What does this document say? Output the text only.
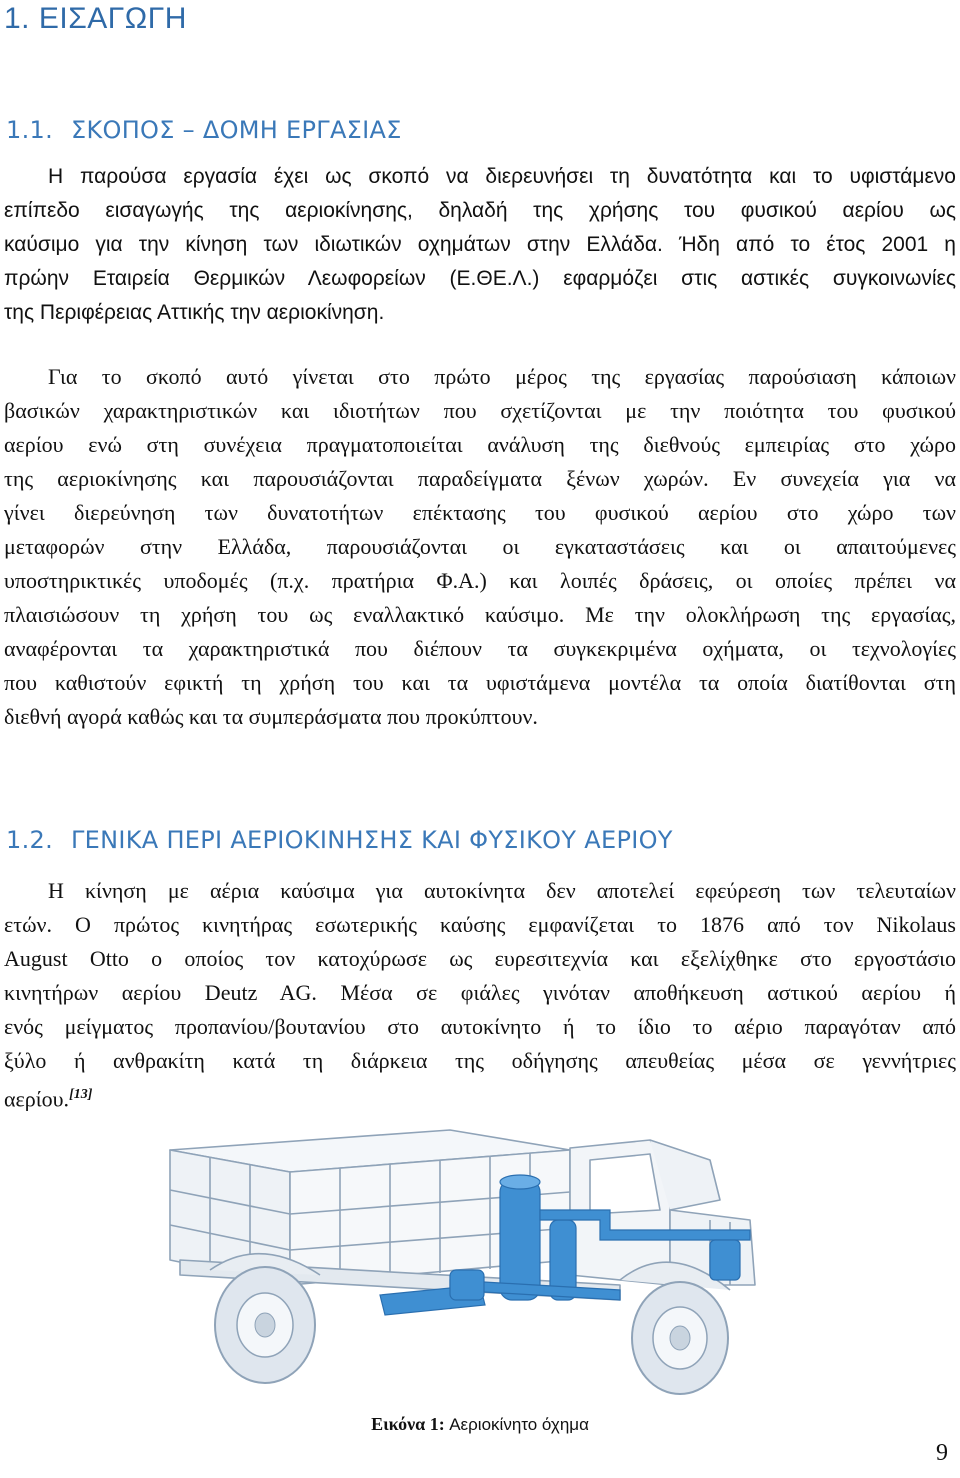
1. ΕΙΣΑΓΩΓΗ
1.1. ΣΚΟΠΟΣ – ΔΟΜΗ ΕΡΓΑΣΙΑΣ
Η παρούσα εργασία έχει ως σκοπό να διερευνήσει τη δυνατότητα και το υφιστάμενο
επίπεδο εισαγωγής της αεριοκίνησης, δηλαδή της χρήσης του φυσικού αερίου ως
καύσιμο για την κίνηση των ιδιωτικών οχημάτων στην Ελλάδα. Ήδη από το έτος 2001 η
πρώην Εταιρεία Θερμικών Λεωφορείων (Ε.ΘΕ.Λ.) εφαρμόζει στις αστικές συγκοινωνίες
της Περιφέρειας Αττικής την αεριοκίνηση.
Για το σκοπό αυτό γίνεται στο πρώτο μέρος της εργασίας παρούσιαση κάποιων
βασικών χαρακτηριστικών και ιδιοτήτων που σχετίζονται με την ποιότητα του φυσικού
αερίου ενώ στη συνέχεια πραγματοποιείται ανάλυση της διεθνούς εμπειρίας στο χώρο
της αεριοκίνησης και παρουσιάζονται παραδείγματα ξένων χωρών. Εν συνεχεία για να
γίνει διερεύνηση των δυνατοτήτων επέκτασης του φυσικού αερίου στο χώρο των
μεταφορών στην Ελλάδα, παρουσιάζονται οι εγκαταστάσεις και οι απαιτούμενες
υποστηρικτικές υποδομές (π.χ. πρατήρια Φ.Α.) και λοιπές δράσεις, οι οποίες πρέπει να
πλαισιώσουν τη χρήση του ως εναλλακτικό καύσιμο. Με την ολοκλήρωση της εργασίας,
αναφέρονται τα χαρακτηριστικά που διέπουν τα συγκεκριμένα οχήματα, οι τεχνολογίες
που καθιστούν εφικτή τη χρήση του και τα υφιστάμενα μοντέλα τα οποία διατίθονται στη
διεθνή αγορά καθώς και τα συμπεράσματα που προκύπτουν.
1.2. ΓΕΝΙΚΑ ΠΕΡΙ ΑΕΡΙΟΚΙΝΗΣΗΣ ΚΑΙ ΦΥΣΙΚΟΥ ΑΕΡΙΟΥ
Η κίνηση με αέρια καύσιμα για αυτοκίνητα δεν αποτελεί εφεύρεση των τελευταίων
ετών. Ο πρώτος κινητήρας εσωτερικής καύσης εμφανίζεται το 1876 από τον Nikolaus
August Otto ο οποίος τον κατοχύρωσε ως ευρεσιτεχνία και εξελίχθηκε στο εργοστάσιο
κινητήρων αερίου Deutz AG. Μέσα σε φιάλες γινόταν αποθήκευση αστικού αερίου ή
ενός μείγματος προπανίου/βουτανίου στο αυτοκίνητο ή το ίδιο το αέριο παραγόταν από
ξύλο ή ανθρακίτη κατά τη διάρκεια της οδήγησης απευθείας μέσα σε γεννήτριες
αερίου.[13]
Εικόνα 1: Αεριοκίνητο όχημα
9
